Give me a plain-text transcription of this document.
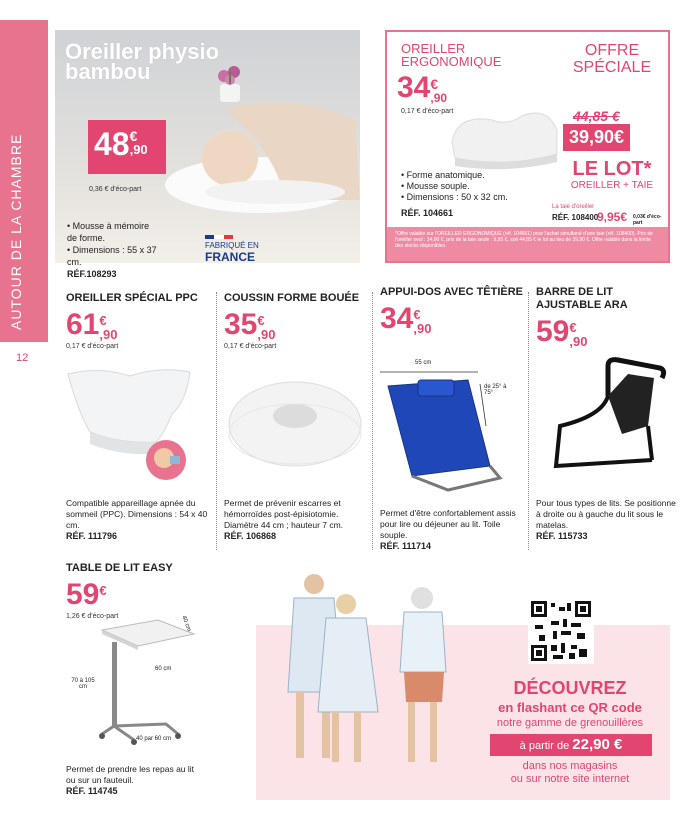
AUTOUR DE LA CHAMBRE
12
Oreiller physio bambou
48 €
,90
0,36 € d'éco-part
• Mousse à mémoire de forme.
• Dimensions : 55 x 37 cm.
RÉF.108293
FABRIQUÉ EN
FRANCE
OREILLER
ERGONOMIQUE
34 €
,90
0,17 € d'éco-part
• Forme anatomique.
• Mousse souple.
• Dimensions : 50 x 32 cm.
RÉF. 104661
OFFRE
SPÉCIALE
44,85 €
39,90€
LE LOT*
OREILLER + TAIE
La taie d'oreiller
RÉF. 108400
9,95€ 0,03€ d'éco-part
*Offre valable sur l'OREILLER ERGONOMIQUE (réf. 104661) pour l'achat simultané d'une taie (réf. 108400). Prix de l'oreiller seul : 34,90 €, prix de la taie seule : 9,95 €, soit 44,85 € le lot au lieu de 39,90 €. Offre valable dans la limite des stocks disponibles.
OREILLER SPÉCIAL PPC
61 €
,90
0,17 € d'éco-part
Compatible appareillage apnée du sommeil (PPC). Dimensions : 54 x 40 cm.
RÉF. 111796
COUSSIN FORME BOUÉE
35 €
,90
0,17 € d'éco-part
Permet de prévenir escarres et hémorroïdes post-épisiotomie. Diamètre 44 cm ; hauteur 7 cm.
RÉF. 106868
APPUI-DOS AVEC TÊTIÈRE
34 €
,90
55 cm
de 25° à 75°
Permet d'être confortablement assis pour lire ou déjeuner au lit. Toile souple.
RÉF. 111714
BARRE DE LIT AJUSTABLE ARA
59 €
,90
Pour tous types de lits. Se positionne à droite ou à gauche du lit sous le matelas.
RÉF. 115733
TABLE DE LIT EASY
59 €
1,26 € d'éco-part	40 cm
60 cm
70 à 105 cm
40 par 60 cm
Permet de prendre les repas au lit ou sur un fauteuil.
RÉF. 114745
DÉCOUVREZ
en flashant ce QR code
notre gamme de grenouillères
à partir de 22,90 €
dans nos magasins
ou sur notre site internet
